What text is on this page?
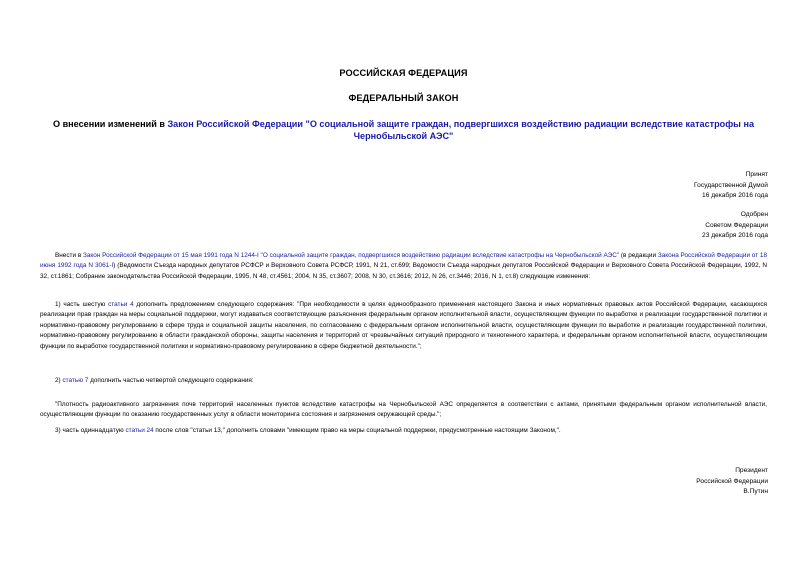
РОССИЙСКАЯ ФЕДЕРАЦИЯ
ФЕДЕРАЛЬНЫЙ ЗАКОН
О внесении изменений в Закон Российской Федерации "О социальной защите граждан, подвергшихся воздействию радиации вследствие катастрофы на Чернобыльской АЭС"
Принят
Государственной Думой
16 декабря 2016 года
Одобрен
Советом Федерации
23 декабря 2016 года
Внести в Закон Российской Федерации от 15 мая 1991 года N 1244-I "О социальной защите граждан, подвергшихся воздействию радиации вследствие катастрофы на Чернобыльской АЭС" (в редакции Закона Российской Федерации от 18 июня 1992 года N 3061-I) (Ведомости Съезда народных депутатов РСФСР и Верховного Совета РСФСР, 1991, N 21, ст.699; Ведомости Съезда народных депутатов Российской Федерации и Верховного Совета Российской Федерации, 1992, N 32, ст.1861; Собрание законодательства Российской Федерации, 1995, N 48, ст.4561; 2004, N 35, ст.3607; 2008, N 30, ст.3616; 2012, N 26, ст.3446; 2016, N 1, ст.8) следующие изменения:
1) часть шестую статьи 4 дополнить предложением следующего содержания: "При необходимости в целях единообразного применения настоящего Закона и иных нормативных правовых актов Российской Федерации, касающихся реализации прав граждан на меры социальной поддержки, могут издаваться соответствующие разъяснения федеральным органом исполнительной власти, осуществляющим функции по выработке и реализации государственной политики и нормативно-правовому регулированию в сфере труда и социальной защиты населения, по согласованию с федеральным органом исполнительной власти, осуществляющим функции по выработке и реализации государственной политики, нормативно-правовому регулированию в области гражданской обороны, защиты населения и территорий от чрезвычайных ситуаций природного и техногенного характера, и федеральным органом исполнительной власти, осуществляющим функции по выработке государственной политики и нормативно-правовому регулированию в сфере бюджетной деятельности.";
2) статью 7 дополнить частью четвертой следующего содержания:
"Плотность радиоактивного загрязнения почв территорий населенных пунктов вследствие катастрофы на Чернобыльской АЭС определяется в соответствии с актами, принятыми федеральным органом исполнительной власти, осуществляющим функции по оказанию государственных услуг в области мониторинга состояния и загрязнения окружающей среды.";
3) часть одиннадцатую статьи 24 после слов "статьи 13," дополнить словами "имеющим право на меры социальной поддержки, предусмотренные настоящим Законом,".
Президент
Российской Федерации
В.Путин
